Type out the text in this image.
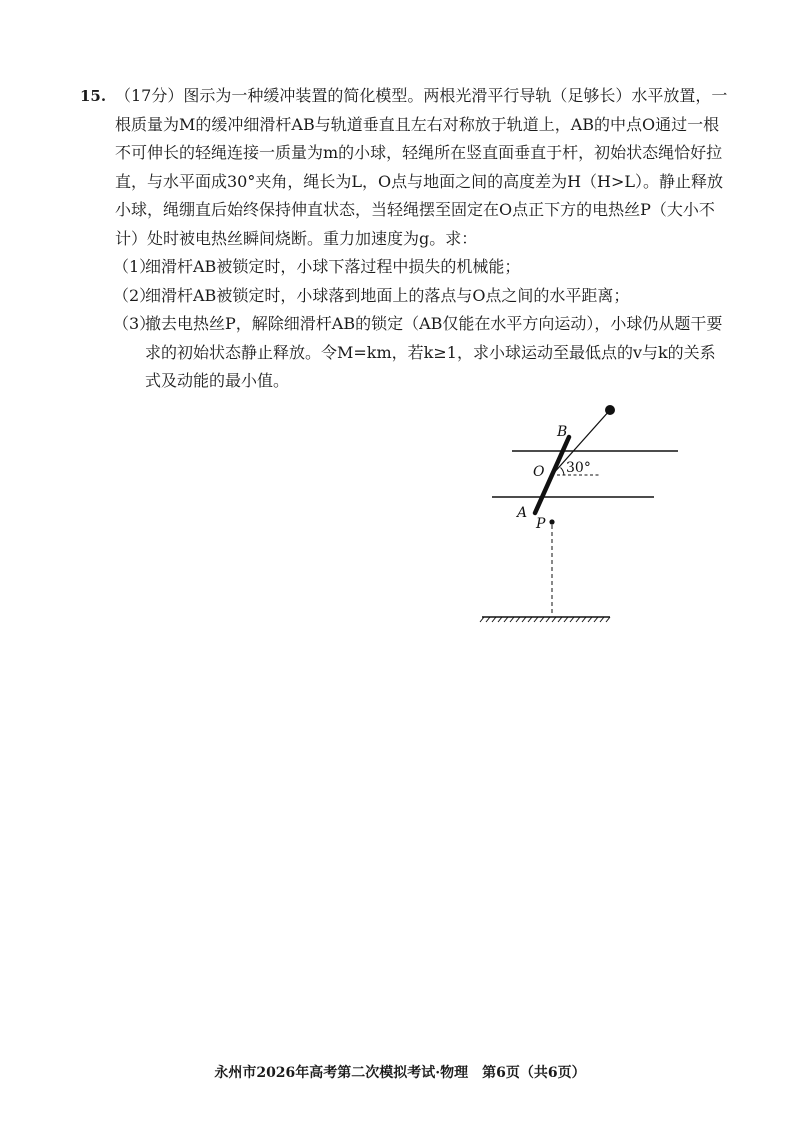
15. （17分）图示为一种缓冲装置的简化模型。两根光滑平行导轨（足够长）水平放置，一根质量为M的缓冲细滑杆AB与轨道垂直且左右对称放于轨道上，AB的中点O通过一根不可伸长的轻绳连接一质量为m的小球，轻绳所在竖直面垂直于杆，初始状态绳恰好拉直，与水平面成30°夹角，绳长为L，O点与地面之间的高度差为H（H>L）。静止释放小球，绳绷直后始终保持伸直状态，当轻绳摆至固定在O点正下方的电热丝P（大小不计）处时被电热丝瞬间烧断。重力加速度为g。求：

（1）
细滑杆AB被锁定时，小球下落过程中损失的机械能；
（2）
细滑杆AB被锁定时，小球落到地面上的落点与O点之间的水平距离；
（3）
撤去电热丝P，解除细滑杆AB的锁定（AB仅能在水平方向运动），小球仍从题干要求的初始状态静止释放。令M=km，若k≥1，求小球运动至最低点的v与k的关系式及动能的最小值。
B
O
A
P
30°
永州市2026年高考第二次模拟考试·物理　第6页（共6页）
